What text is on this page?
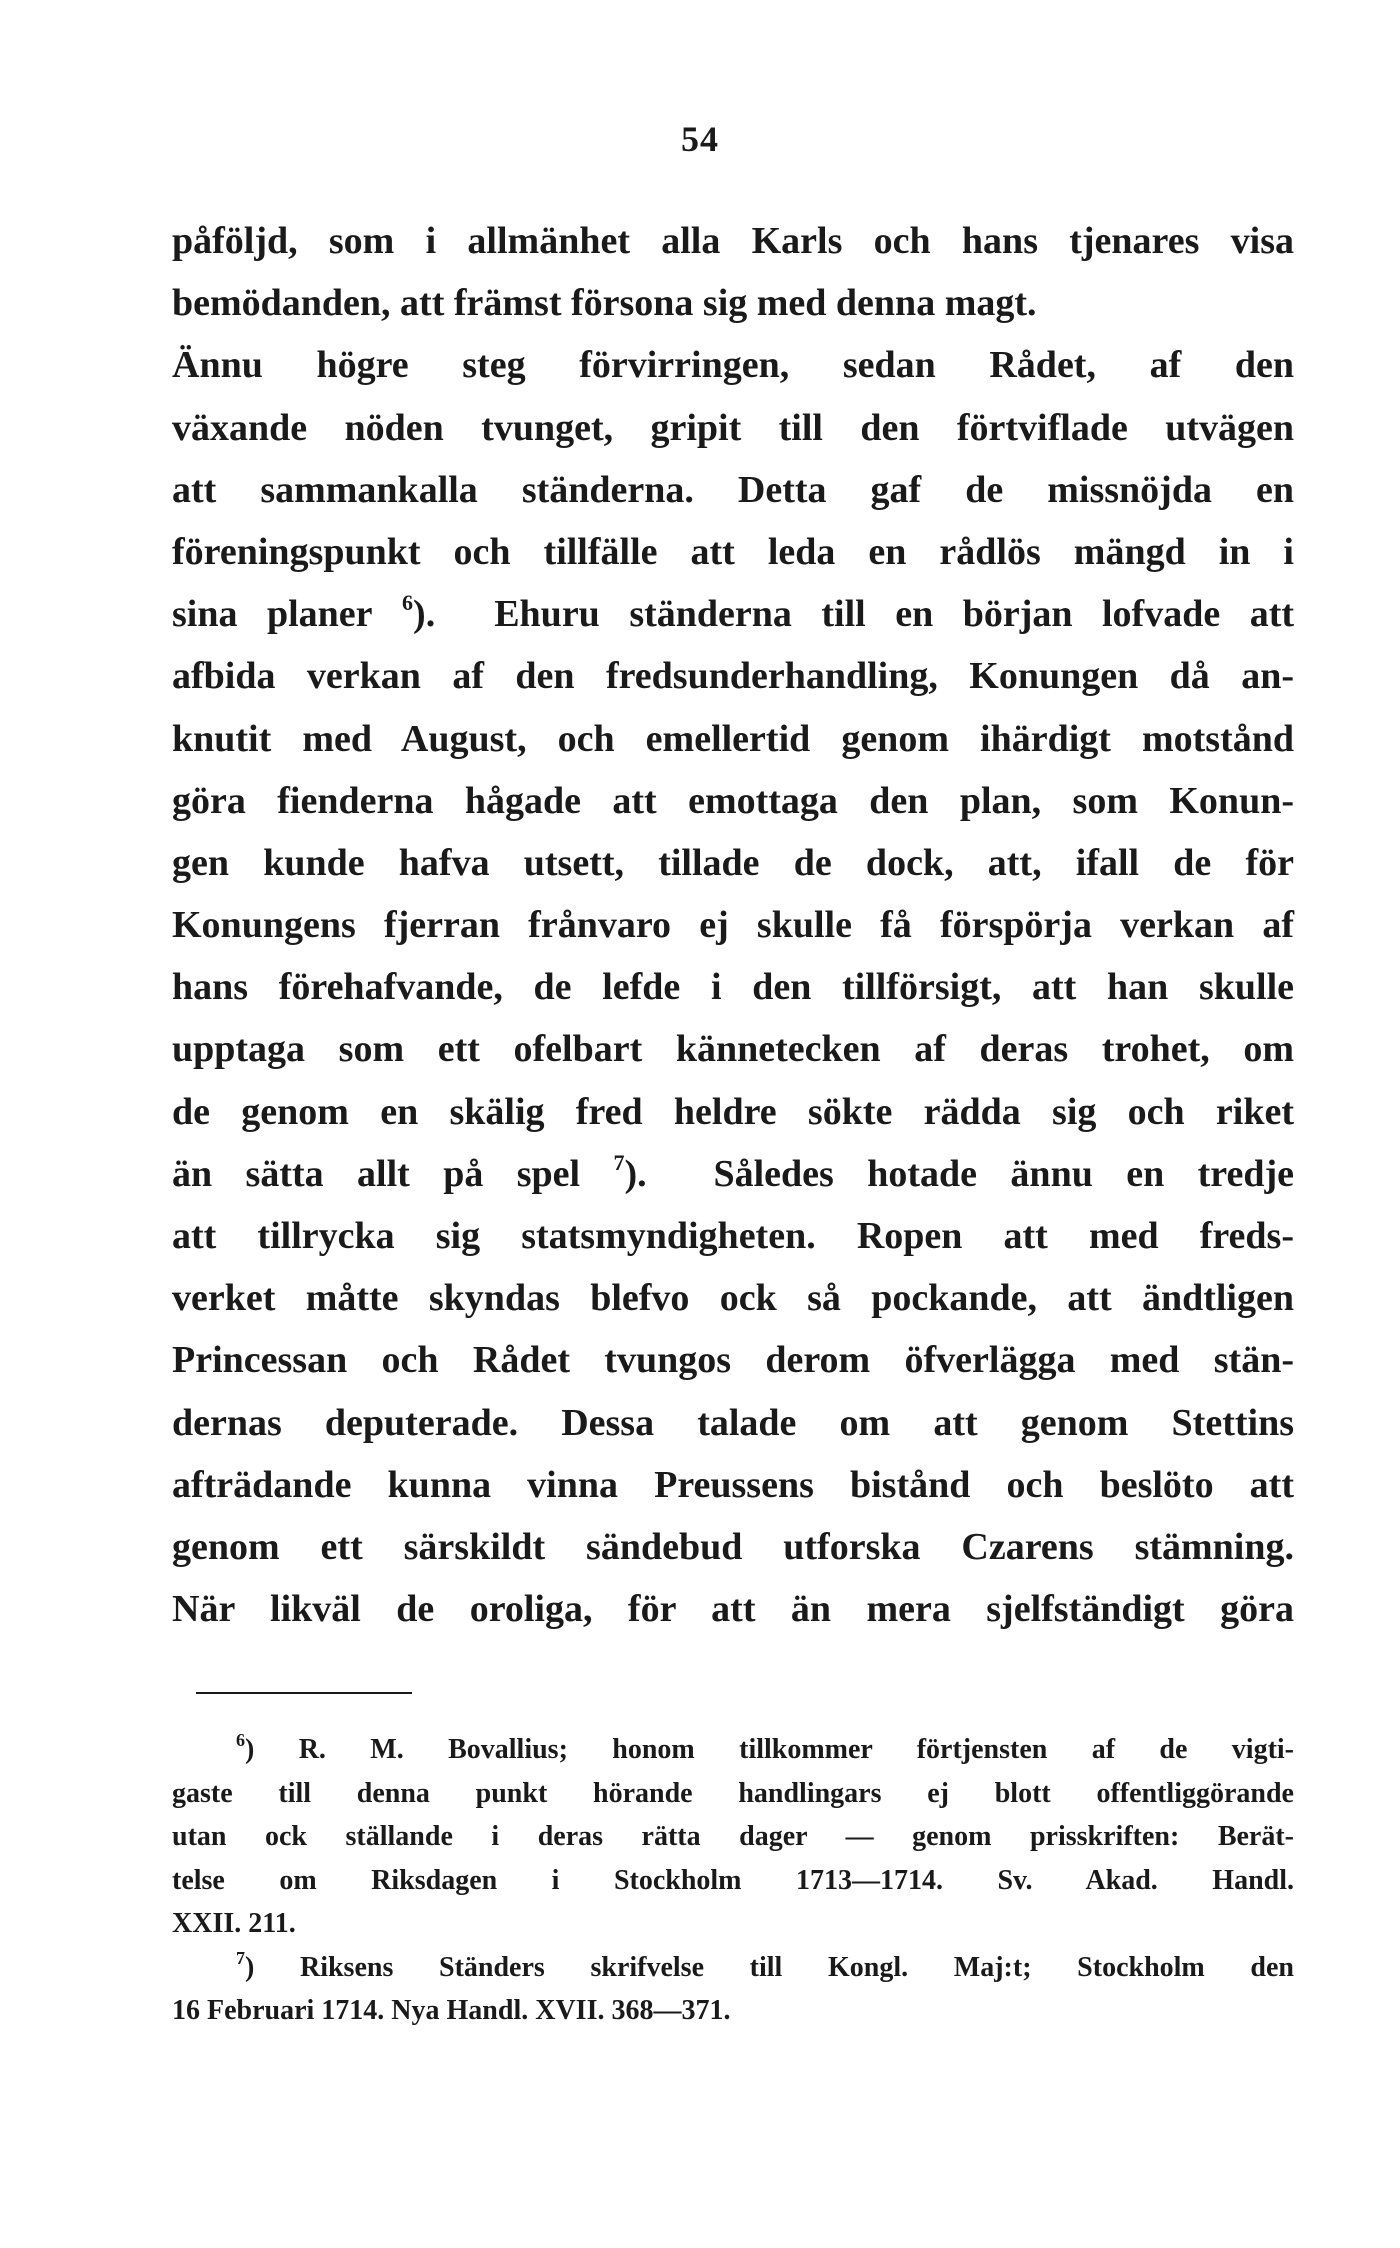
54
påföljd, som i allmänhet alla Karls och hans tjenares visa
bemödanden, att främst försona sig med denna magt.
Ännu högre steg förvirringen, sedan Rådet, af den
växande nöden tvunget, gripit till den förtviflade utvägen
att sammankalla ständerna. Detta gaf de missnöjda en
föreningspunkt och tillfälle att leda en rådlös mängd in i
sina planer $^6$). Ehuru ständerna till en början lofvade att
afbida verkan af den fredsunderhandling, Konungen då an-
knutit med August, och emellertid genom ihärdigt motstånd
göra fienderna hågade att emottaga den plan, som Konun-
gen kunde hafva utsett, tillade de dock, att, ifall de för
Konungens fjerran frånvaro ej skulle få förspörja verkan af
hans förehafvande, de lefde i den tillförsigt, att han skulle
upptaga som ett ofelbart kännetecken af deras trohet, om
de genom en skälig fred heldre sökte rädda sig och riket
än sätta allt på spel $^7$). Således hotade ännu en tredje
att tillrycka sig statsmyndigheten. Ropen att med freds-
verket måtte skyndas blefvo ock så pockande, att ändtligen
Princessan och Rådet tvungos derom öfverlägga med stän-
dernas deputerade. Dessa talade om att genom Stettins
afträdande kunna vinna Preussens bistånd och beslöto att
genom ett särskildt sändebud utforska Czarens stämning.
När likväl de oroliga, för att än mera sjelfständigt göra
$^6$) R. M. Bovallius; honom tillkommer förtjensten af de vigti-
gaste till denna punkt hörande handlingars ej blott offentliggörande
utan ock ställande i deras rätta dager — genom prisskriften: Berät-
telse om Riksdagen i Stockholm 1713—1714. Sv. Akad. Handl.
XXII. 211.
$^7$) Riksens Ständers skrifvelse till Kongl. Maj:t; Stockholm den
16 Februari 1714. Nya Handl. XVII. 368—371.
